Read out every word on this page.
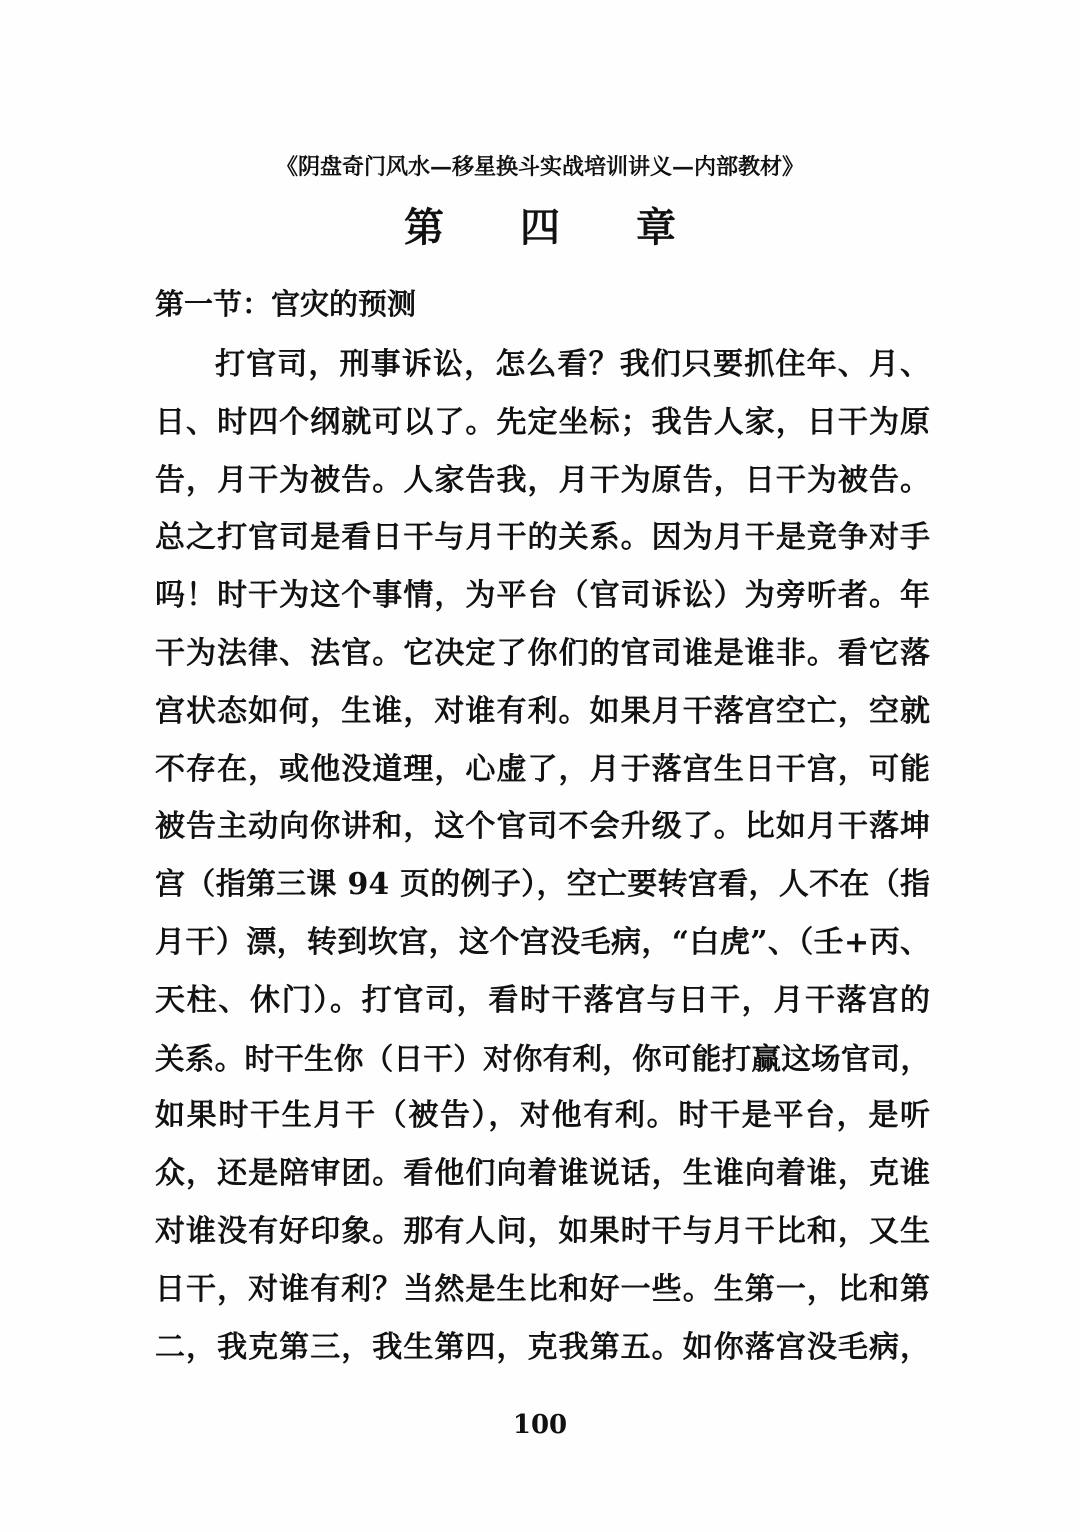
《阴盘奇门风水—移星换斗实战培训讲义—内部教材》
第 四 章
第一节：官灾的预测
打官司，刑事诉讼，怎么看？我们只要抓住年、月、
日、时四个纲就可以了。先定坐标；我告人家，日干为原
告，月干为被告。人家告我，月干为原告，日干为被告。
总之打官司是看日干与月干的关系。因为月干是竞争对手
吗！时干为这个事情，为平台（官司诉讼）为旁听者。年
干为法律、法官。它决定了你们的官司谁是谁非。看它落
宫状态如何，生谁，对谁有利。如果月干落宫空亡，空就
不存在，或他没道理，心虚了，月于落宫生日干宫，可能
被告主动向你讲和，这个官司不会升级了。比如月干落坤
宫（指第三课 94 页的例子），空亡要转宫看，人不在（指
月干）漂，转到坎宫，这个宫没毛病，“白虎”、（壬+丙、
天柱、休门）。打官司，看时干落宫与日干，月干落宫的
关系。时干生你（日干）对你有利，你可能打赢这场官司，
如果时干生月干（被告），对他有利。时干是平台，是听
众，还是陪审团。看他们向着谁说话，生谁向着谁，克谁
对谁没有好印象。那有人问，如果时干与月干比和，又生
日干，对谁有利？当然是生比和好一些。生第一，比和第
二，我克第三，我生第四，克我第五。如你落宫没毛病，
100
